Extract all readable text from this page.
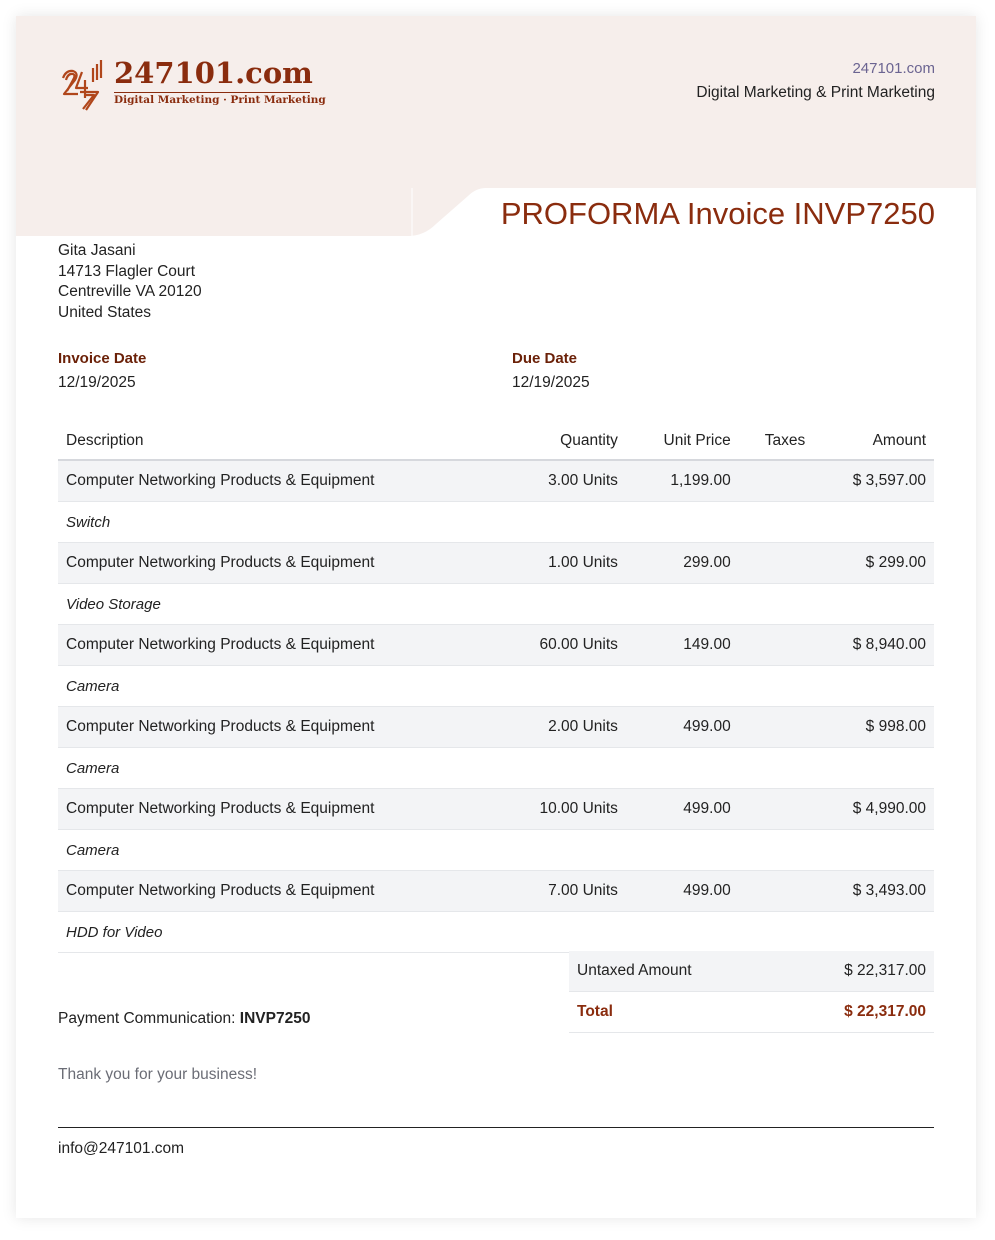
247101.com
Digital Marketing · Print Marketing
247101.com
Digital Marketing & Print Marketing
PROFORMA Invoice INVP7250
Gita Jasani
14713 Flagler Court
Centreville VA 20120
United States
Invoice Date
12/19/2025
Due Date
12/19/2025
Description	Quantity	Unit Price	Taxes	Amount
Computer Networking Products & Equipment	3.00 Units	1,199.00		$ 3,597.00
Switch				
Computer Networking Products & Equipment	1.00 Units	299.00		$ 299.00
Video Storage				
Computer Networking Products & Equipment	60.00 Units	149.00		$ 8,940.00
Camera				
Computer Networking Products & Equipment	2.00 Units	499.00		$ 998.00
Camera				
Computer Networking Products & Equipment	10.00 Units	499.00		$ 4,990.00
Camera				
Computer Networking Products & Equipment	7.00 Units	499.00		$ 3,493.00
HDD for Video				
Untaxed Amount	$ 22,317.00
Total	$ 22,317.00
Payment Communication: INVP7250
Thank you for your business!
info@247101.com
